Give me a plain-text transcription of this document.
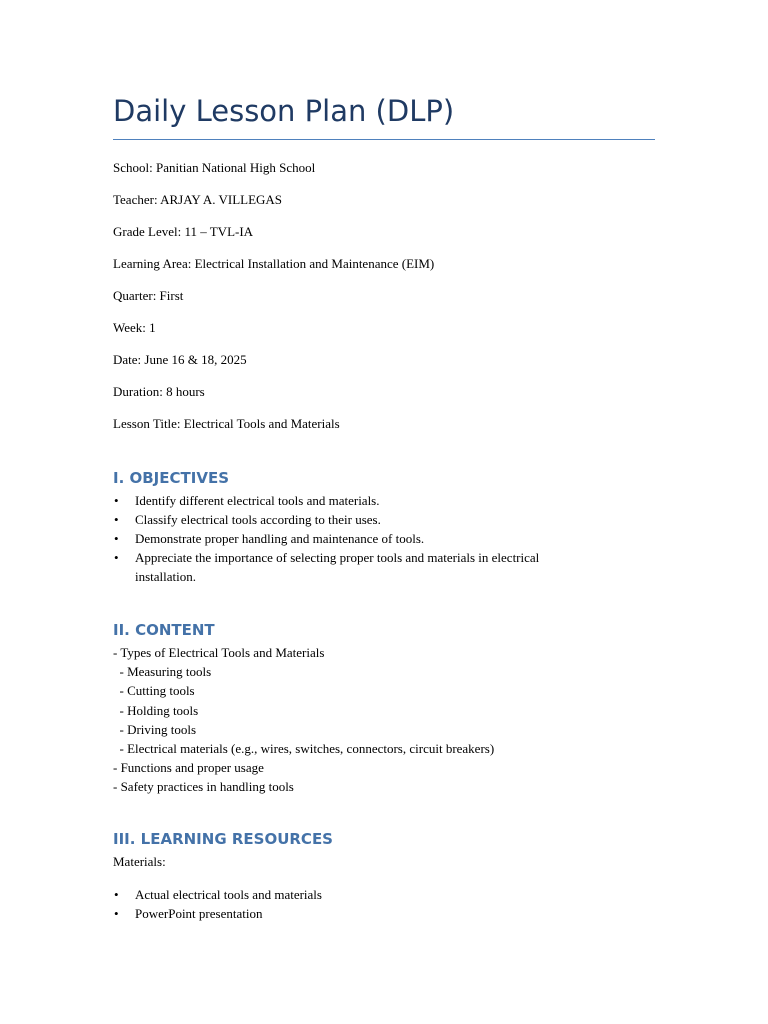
Daily Lesson Plan (DLP)

School: Panitian National High School

Teacher: ARJAY A. VILLEGAS

Grade Level: 11 – TVL-IA

Learning Area: Electrical Installation and Maintenance (EIM)

Quarter: First

Week: 1

Date: June 16 & 18, 2025

Duration: 8 hours

Lesson Title: Electrical Tools and Materials

I. OBJECTIVES
• Identify different electrical tools and materials.
• Classify electrical tools according to their uses.
• Demonstrate proper handling and maintenance of tools.
• Appreciate the importance of selecting proper tools and materials in electrical installation.
II. CONTENT
- Types of Electrical Tools and Materials
- Measuring tools
- Cutting tools
- Holding tools
- Driving tools
- Electrical materials (e.g., wires, switches, connectors, circuit breakers)
- Functions and proper usage
- Safety practices in handling tools
III. LEARNING RESOURCES

Materials:

• Actual electrical tools and materials
• PowerPoint presentation
